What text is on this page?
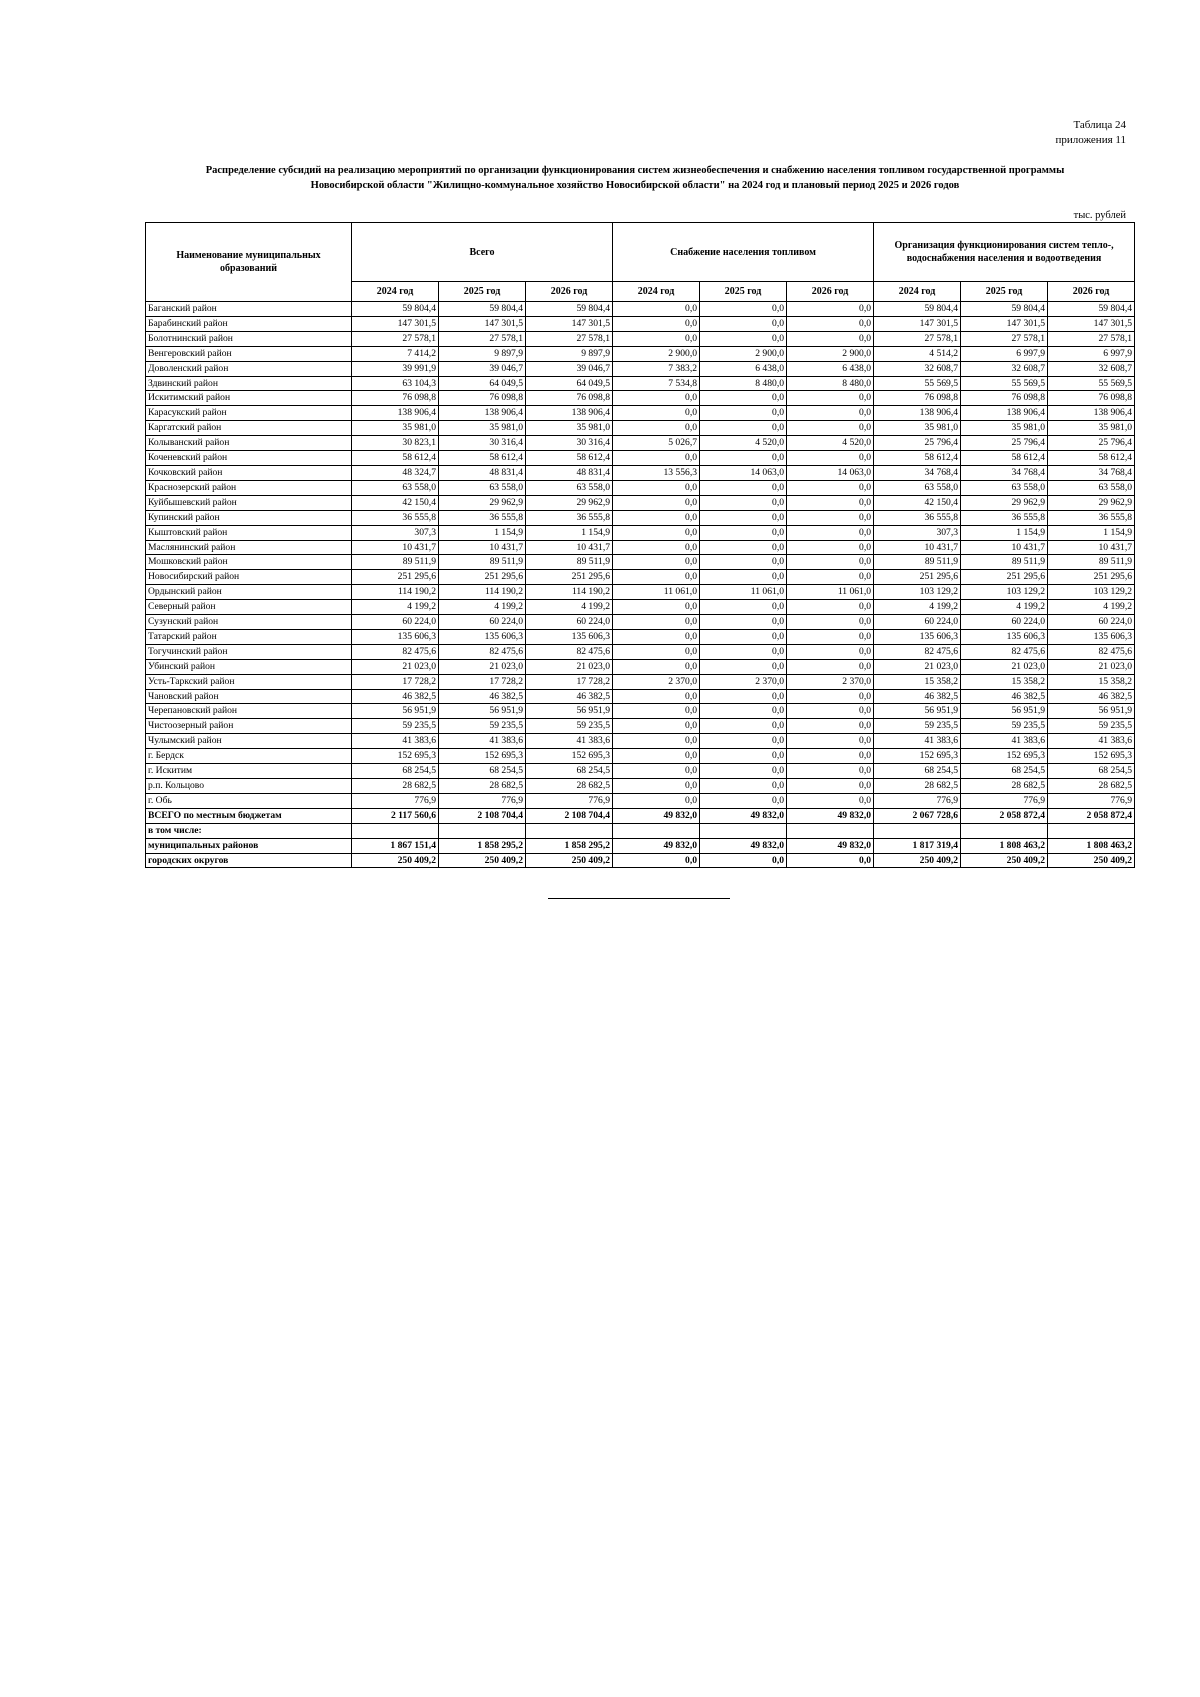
Таблица 24
приложения 11
Распределение субсидий на реализацию мероприятий по организации функционирования систем жизнеобеспечения и снабжению населения топливом государственной программы
Новосибирской области "Жилищно-коммунальное хозяйство Новосибирской области" на 2024 год и плановый период 2025 и 2026 годов
тыс. рублей
Наименование муниципальных образований	Всего			Снабжение населения топливом			Организация функционирования систем тепло-, водоснабжения населения и водоотведения		
	2024 год	2025 год	2026 год	2024 год	2025 год	2026 год	2024 год	2025 год	2026 год
Баганский район	59 804,4	59 804,4	59 804,4	0,0	0,0	0,0	59 804,4	59 804,4	59 804,4
Барабинский район	147 301,5	147 301,5	147 301,5	0,0	0,0	0,0	147 301,5	147 301,5	147 301,5
Болотнинский район	27 578,1	27 578,1	27 578,1	0,0	0,0	0,0	27 578,1	27 578,1	27 578,1
Венгеровский район	7 414,2	9 897,9	9 897,9	2 900,0	2 900,0	2 900,0	4 514,2	6 997,9	6 997,9
Доволенский район	39 991,9	39 046,7	39 046,7	7 383,2	6 438,0	6 438,0	32 608,7	32 608,7	32 608,7
Здвинский район	63 104,3	64 049,5	64 049,5	7 534,8	8 480,0	8 480,0	55 569,5	55 569,5	55 569,5
Искитимский район	76 098,8	76 098,8	76 098,8	0,0	0,0	0,0	76 098,8	76 098,8	76 098,8
Карасукский район	138 906,4	138 906,4	138 906,4	0,0	0,0	0,0	138 906,4	138 906,4	138 906,4
Каргатский район	35 981,0	35 981,0	35 981,0	0,0	0,0	0,0	35 981,0	35 981,0	35 981,0
Колыванский район	30 823,1	30 316,4	30 316,4	5 026,7	4 520,0	4 520,0	25 796,4	25 796,4	25 796,4
Коченевский район	58 612,4	58 612,4	58 612,4	0,0	0,0	0,0	58 612,4	58 612,4	58 612,4
Кочковский район	48 324,7	48 831,4	48 831,4	13 556,3	14 063,0	14 063,0	34 768,4	34 768,4	34 768,4
Краснозерский район	63 558,0	63 558,0	63 558,0	0,0	0,0	0,0	63 558,0	63 558,0	63 558,0
Куйбышевский район	42 150,4	29 962,9	29 962,9	0,0	0,0	0,0	42 150,4	29 962,9	29 962,9
Купинский район	36 555,8	36 555,8	36 555,8	0,0	0,0	0,0	36 555,8	36 555,8	36 555,8
Кыштовский район	307,3	1 154,9	1 154,9	0,0	0,0	0,0	307,3	1 154,9	1 154,9
Маслянинский район	10 431,7	10 431,7	10 431,7	0,0	0,0	0,0	10 431,7	10 431,7	10 431,7
Мошковский район	89 511,9	89 511,9	89 511,9	0,0	0,0	0,0	89 511,9	89 511,9	89 511,9
Новосибирский район	251 295,6	251 295,6	251 295,6	0,0	0,0	0,0	251 295,6	251 295,6	251 295,6
Ордынский район	114 190,2	114 190,2	114 190,2	11 061,0	11 061,0	11 061,0	103 129,2	103 129,2	103 129,2
Северный район	4 199,2	4 199,2	4 199,2	0,0	0,0	0,0	4 199,2	4 199,2	4 199,2
Сузунский район	60 224,0	60 224,0	60 224,0	0,0	0,0	0,0	60 224,0	60 224,0	60 224,0
Татарский район	135 606,3	135 606,3	135 606,3	0,0	0,0	0,0	135 606,3	135 606,3	135 606,3
Тогучинский район	82 475,6	82 475,6	82 475,6	0,0	0,0	0,0	82 475,6	82 475,6	82 475,6
Убинский район	21 023,0	21 023,0	21 023,0	0,0	0,0	0,0	21 023,0	21 023,0	21 023,0
Усть-Таркский район	17 728,2	17 728,2	17 728,2	2 370,0	2 370,0	2 370,0	15 358,2	15 358,2	15 358,2
Чановский район	46 382,5	46 382,5	46 382,5	0,0	0,0	0,0	46 382,5	46 382,5	46 382,5
Черепановский район	56 951,9	56 951,9	56 951,9	0,0	0,0	0,0	56 951,9	56 951,9	56 951,9
Чистоозерный район	59 235,5	59 235,5	59 235,5	0,0	0,0	0,0	59 235,5	59 235,5	59 235,5
Чулымский район	41 383,6	41 383,6	41 383,6	0,0	0,0	0,0	41 383,6	41 383,6	41 383,6
г. Бердск	152 695,3	152 695,3	152 695,3	0,0	0,0	0,0	152 695,3	152 695,3	152 695,3
г. Искитим	68 254,5	68 254,5	68 254,5	0,0	0,0	0,0	68 254,5	68 254,5	68 254,5
р.п. Кольцово	28 682,5	28 682,5	28 682,5	0,0	0,0	0,0	28 682,5	28 682,5	28 682,5
г. Обь	776,9	776,9	776,9	0,0	0,0	0,0	776,9	776,9	776,9
ВСЕГО по местным бюджетам	2 117 560,6	2 108 704,4	2 108 704,4	49 832,0	49 832,0	49 832,0	2 067 728,6	2 058 872,4	2 058 872,4
в том числе:									
муниципальных районов	1 867 151,4	1 858 295,2	1 858 295,2	49 832,0	49 832,0	49 832,0	1 817 319,4	1 808 463,2	1 808 463,2
городских округов	250 409,2	250 409,2	250 409,2	0,0	0,0	0,0	250 409,2	250 409,2	250 409,2
